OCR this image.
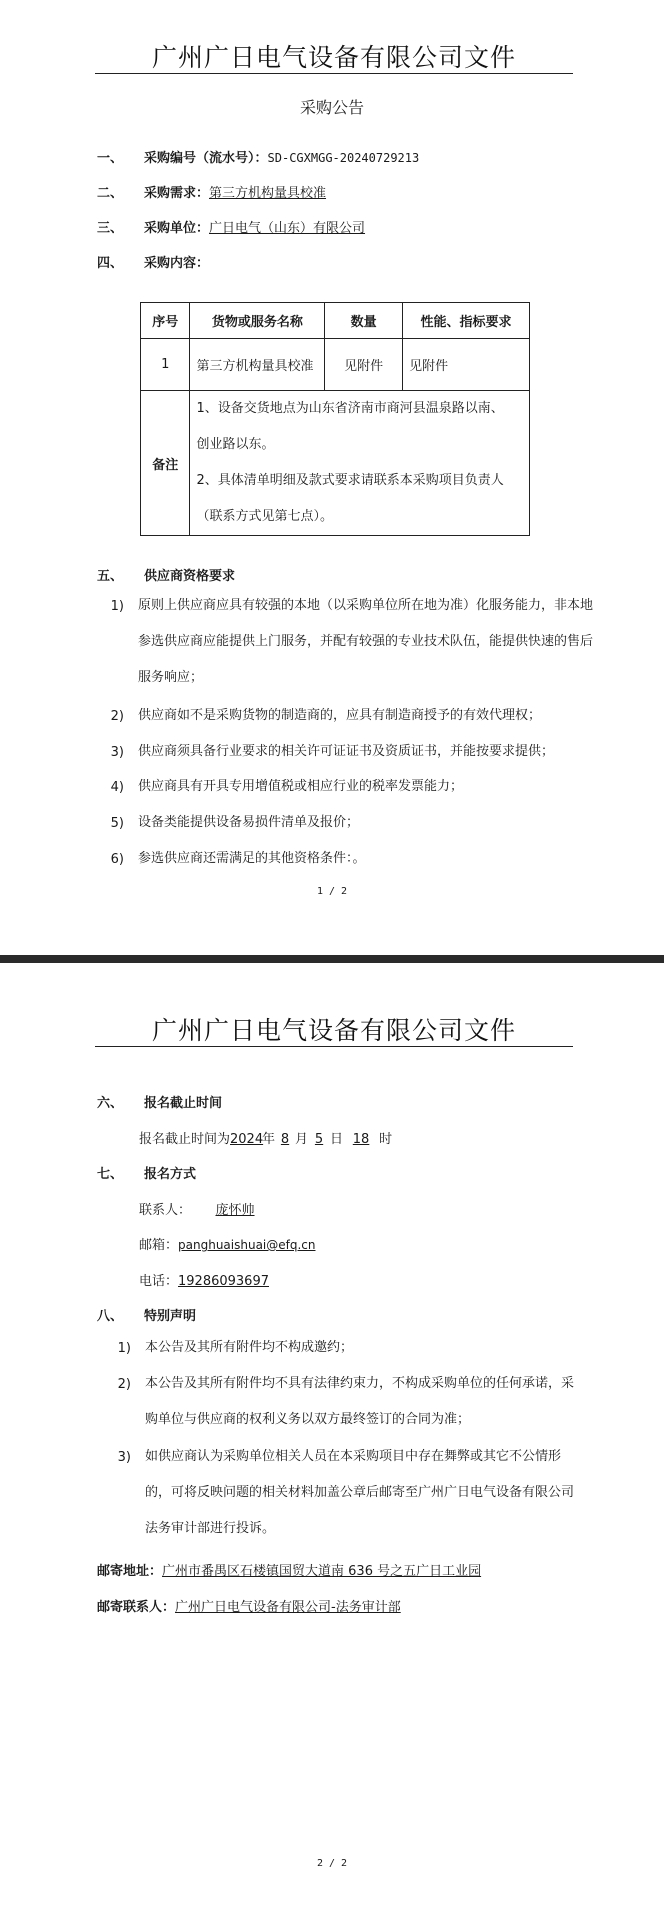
广州广日电气设备有限公司文件
采购公告
一、 采购编号（流水号）：SD-CGXMGG-20240729213
二、 采购需求：第三方机构量具校准
三、 采购单位：广日电气（山东）有限公司
四、 采购内容：
序号	货物或服务名称	数量	性能、指标要求
1	第三方机构量具校准	见附件	见附件
备注	1、设备交货地点为山东省济南市商河县温泉路以南、
创业路以东。
2、具体清单明细及款式要求请联系本采购项目负责人
（联系方式见第七点）。		
五、 供应商资格要求
1) 原则上供应商应具有较强的本地（以采购单位所在地为准）化服务能力，非本地参选供应商应能提供上门服务，并配有较强的专业技术队伍，能提供快速的售后服务响应；
2) 供应商如不是采购货物的制造商的，应具有制造商授予的有效代理权；
3) 供应商须具备行业要求的相关许可证证书及资质证书，并能按要求提供；
4) 供应商具有开具专用增值税或相应行业的税率发票能力；
5) 设备类能提供设备易损件清单及报价；
6) 参选供应商还需满足的其他资格条件：。
1 / 2
广州广日电气设备有限公司文件
六、 报名截止时间
报名截止时间为2024年 8 月 5 日 18 时
七、 报名方式
联系人： 庞怀帅
邮箱：panghuaishuai@efq.cn
电话：19286093697
八、 特别声明
1) 本公告及其所有附件均不构成邀约；
2) 本公告及其所有附件均不具有法律约束力，不构成采购单位的任何承诺，采购单位与供应商的权利义务以双方最终签订的合同为准；
3) 如供应商认为采购单位相关人员在本采购项目中存在舞弊或其它不公情形的，可将反映问题的相关材料加盖公章后邮寄至广州广日电气设备有限公司法务审计部进行投诉。
邮寄地址：广州市番禺区石楼镇国贸大道南 636 号之五广日工业园
邮寄联系人：广州广日电气设备有限公司-法务审计部
2 / 2
